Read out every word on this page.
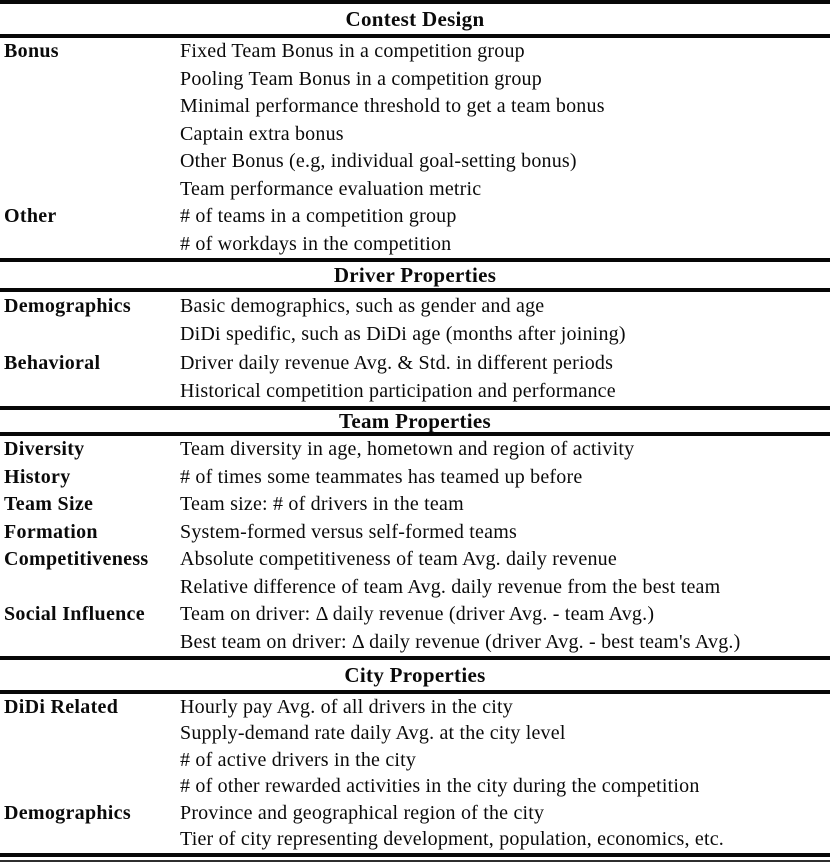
Contest Design
Bonus	Fixed Team Bonus in a competition group
Pooling Team Bonus in a competition group
Minimal performance threshold to get a team bonus
Captain extra bonus
Other Bonus (e.g, individual goal-setting bonus)
Team performance evaluation metric
Other	# of teams in a competition group
# of workdays in the competition
Driver Properties
Demographics	Basic demographics, such as gender and age
DiDi spedific, such as DiDi age (months after joining)
Behavioral	Driver daily revenue Avg. & Std. in different periods
Historical competition participation and performance
Team Properties
Diversity	Team diversity in age, hometown and region of activity
History	# of times some teammates has teamed up before
Team Size	Team size: # of drivers in the team
Formation	System-formed versus self-formed teams
Competitiveness	Absolute competitiveness of team Avg. daily revenue
Relative difference of team Avg. daily revenue from the best team
Social Influence	Team on driver: Δ daily revenue (driver Avg. - team Avg.)
Best team on driver: Δ daily revenue (driver Avg. - best team's Avg.)
City Properties
DiDi Related	Hourly pay Avg. of all drivers in the city
Supply-demand rate daily Avg. at the city level
# of active drivers in the city
# of other rewarded activities in the city during the competition
Demographics	Province and geographical region of the city
Tier of city representing development, population, economics, etc.
